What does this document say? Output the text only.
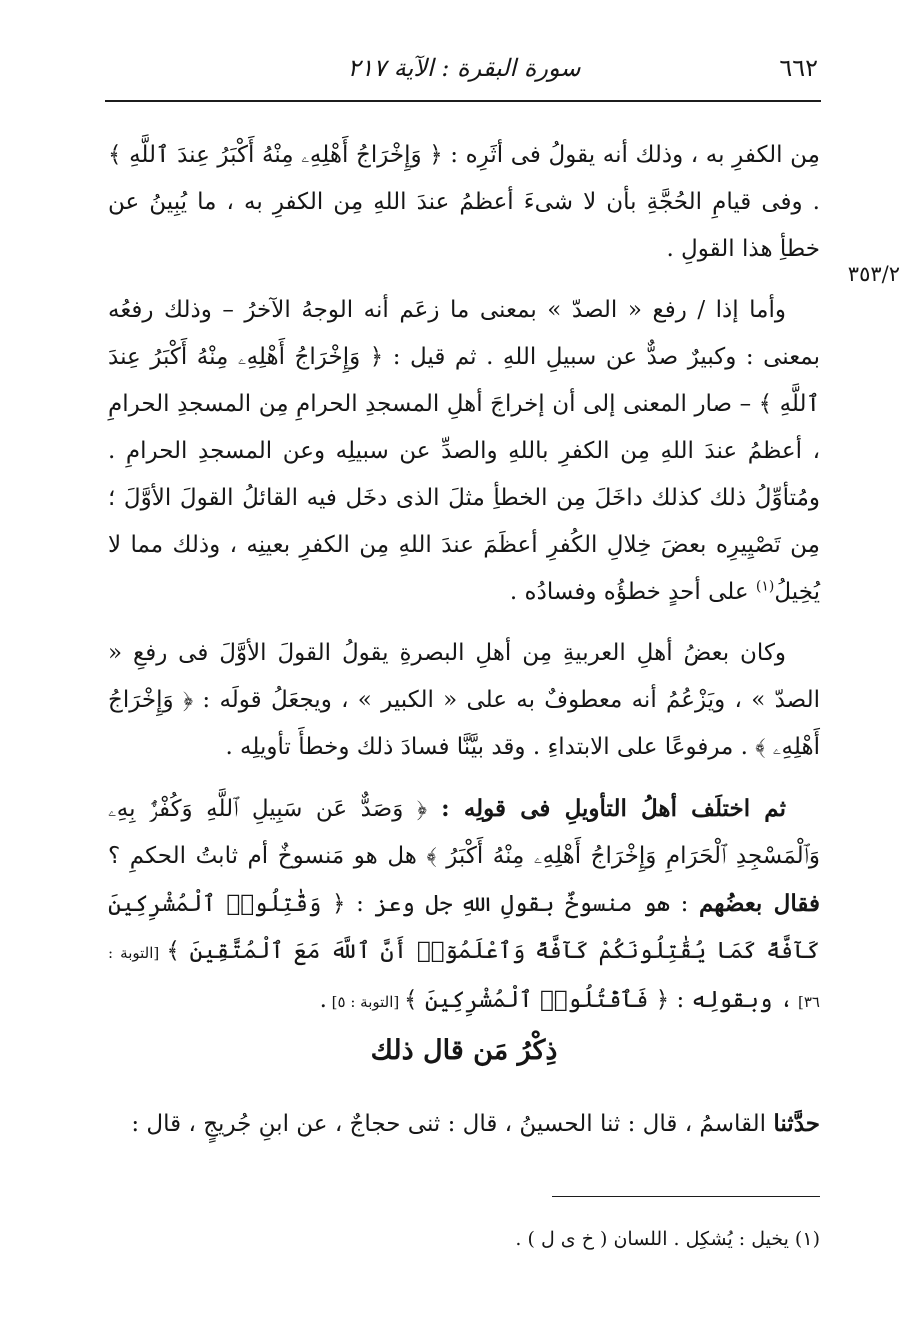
٦٦٢
سورة البقرة : الآية ٢١٧
٣٥٣/٢

مِن الكفرِ به ، وذلك أنه يقولُ فى أثَرِه : ﴿ وَإِخْرَاجُ أَهْلِهِۦ مِنْهُ أَكْبَرُ عِندَ ٱللَّهِ ﴾ . وفى قيامِ الحُجَّةِ بأن لا شىءَ أعظمُ عندَ اللهِ مِن الكفرِ به ، ما يُبِينُ عن خطأِ هذا القولِ .

وأما إذا / رفع « الصدّ » بمعنى ما زعَم أنه الوجهُ الآخرُ – وذلك رفعُه بمعنى : وكبيرٌ صدٌّ عن سبيلِ اللهِ . ثم قيل : ﴿ وَإِخْرَاجُ أَهْلِهِۦ مِنْهُ أَكْبَرُ عِندَ ٱللَّهِ ﴾ – صار المعنى إلى أن إخراجَ أهلِ المسجدِ الحرامِ مِن المسجدِ الحرامِ ، أعظمُ عندَ اللهِ مِن الكفرِ باللهِ والصدِّ عن سبيلِه وعن المسجدِ الحرامِ . ومُتأوِّلُ ذلك كذلك داخَلَ مِن الخطأِ مثلَ الذى دخَل فيه القائلُ القولَ الأوَّلَ ؛ مِن تَصْيِيرِه بعضَ خِلالِ الكُفرِ أعظَمَ عندَ اللهِ مِن الكفرِ بعينِه ، وذلك مما لا يُخِيلُ$^{(١)}$ على أحدٍ خطؤُه وفسادُه .

وكان بعضُ أهلِ العربيةِ مِن أهلِ البصرةِ يقولُ القولَ الأوَّلَ فى رفعِ « الصدّ » ، ويَزْعُمُ أنه معطوفٌ به على « الكبير » ، ويجعَلُ قولَه : ﴿ وَإِخْرَاجُ أَهْلِهِۦ ﴾ . مرفوعًا على الابتداءِ . وقد بيَّنَّا فسادَ ذلك وخطأَ تأويلِه .

ثم اختلَف أهلُ التأويلِ فى قولِه : ﴿ وَصَدٌّ عَن سَبِيلِ ٱللَّهِ وَكُفْرٌۢ بِهِۦ وَٱلْمَسْجِدِ ٱلْحَرَامِ وَإِخْرَاجُ أَهْلِهِۦ مِنْهُ أَكْبَرُ ﴾ هل هو مَنسوخٌ أم ثابتُ الحكمِ ؟ فقال بعضُهم : هو منسوخٌ بقولِ اللهِ جل وعز : ﴿ وَقَٰتِلُوا۟ ٱلْمُشْرِكِينَ كَآفَّةً كَمَا يُقَٰتِلُونَكُمْ كَآفَّةً وَٱعْلَمُوٓا۟ أَنَّ ٱللَّهَ مَعَ ٱلْمُتَّقِينَ ﴾ [التوبة : ٣٦] ، وبقولِه : ﴿ فَٱقْتُلُوا۟ ٱلْمُشْرِكِينَ ﴾ [التوبة : ٥] .

ذِكْرُ مَن قال ذلك
حدَّثنا القاسمُ ، قال : ثنا الحسينُ ، قال : ثنى حجاجٌ ، عن ابنِ جُريجٍ ، قال :
(١) يخيل : يُشكِل . اللسان ( خ ى ل ) .
